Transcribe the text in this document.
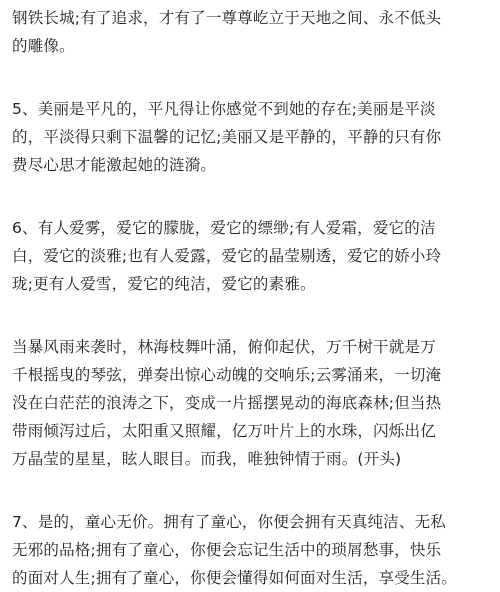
钢铁长城;有了追求，才有了一尊尊屹立于天地之间、永不低头
的雕像。

5、美丽是平凡的，平凡得让你感觉不到她的存在;美丽是平淡
的，平淡得只剩下温馨的记忆;美丽又是平静的，平静的只有你
费尽心思才能激起她的涟漪。

6、有人爱雾，爱它的朦胧，爱它的缥缈;有人爱霜，爱它的洁
白，爱它的淡雅;也有人爱露，爱它的晶莹剔透，爱它的娇小玲
珑;更有人爱雪，爱它的纯洁，爱它的素雅。

当暴风雨来袭时，林海枝舞叶涌，俯仰起伏，万千树干就是万
千根摇曳的琴弦，弹奏出惊心动魄的交响乐;云雾涌来，一切淹
没在白茫茫的浪涛之下，变成一片摇摆晃动的海底森林;但当热
带雨倾泻过后，太阳重又照耀，亿万叶片上的水珠，闪烁出亿
万晶莹的星星，眩人眼目。而我，唯独钟情于雨。(开头)

7、是的，童心无价。拥有了童心，你便会拥有天真纯洁、无私
无邪的品格;拥有了童心，你便会忘记生活中的琐屑愁事，快乐
的面对人生;拥有了童心，你便会懂得如何面对生活，享受生活。
